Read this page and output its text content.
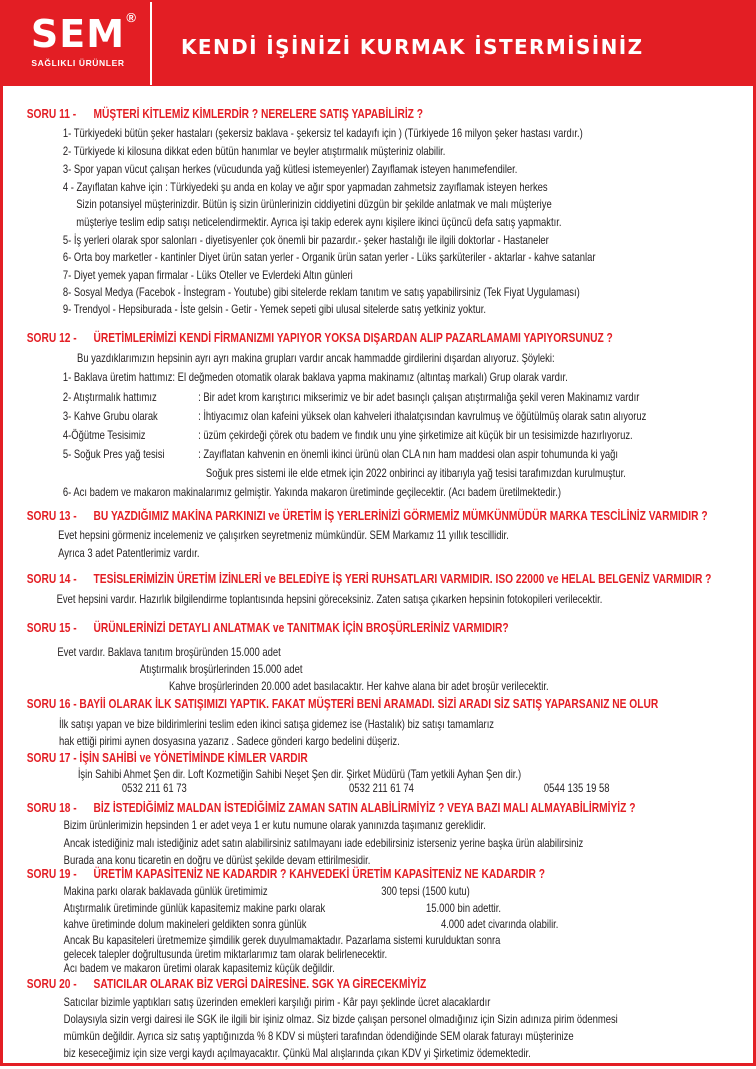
SEM ®
SAĞLIKLI ÜRÜNLER
KENDİ İŞİNİZİ KURMAK İSTERMİSİNİZ
SORU 11 - MÜŞTERİ KİTLEMİZ KİMLERDİR ? NERELERE SATIŞ YAPABİLİRİZ ?
1- Türkiyedeki bütün şeker hastaları (şekersiz baklava - şekersiz tel kadayıfı için ) (Türkiyede 16 milyon şeker hastası vardır.)
2- Türkiyede ki kilosuna dikkat eden bütün hanımlar ve beyler atıştırmalık müşteriniz olabilir.
3- Spor yapan vücut çalışan herkes (vücudunda yağ kütlesi istemeyenler) Zayıflamak isteyen hanımefendiler.
4 - Zayıflatan kahve için : Türkiyedeki şu anda en kolay ve ağır spor yapmadan zahmetsiz zayıflamak isteyen herkes
Sizin potansiyel müşterinizdir. Bütün iş sizin ürünlerinizin ciddiyetini düzgün bir şekilde anlatmak ve malı müşteriye
müşteriye teslim edip satışı neticelendirmektir. Ayrıca işi takip ederek aynı kişilere ikinci üçüncü defa satış yapmaktır.
5- İş yerleri olarak spor salonları - diyetisyenler çok önemli bir pazardır.- şeker hastalığı ile ilgili doktorlar - Hastaneler
6- Orta boy marketler - kantinler Diyet ürün satan yerler - Organik ürün satan yerler - Lüks şarküteriler - aktarlar - kahve satanlar
7- Diyet yemek yapan firmalar - Lüks Oteller ve Evlerdeki Altın günleri
8- Sosyal Medya (Facebok - İnstegram - Youtube) gibi sitelerde reklam tanıtım ve satış yapabilirsiniz (Tek Fiyat Uygulaması)
9- Trendyol - Hepsiburada - İste gelsin - Getir - Yemek sepeti gibi ulusal sitelerde satış yetkiniz yoktur.
SORU 12 - ÜRETİMLERİMİZİ KENDİ FİRMANIZMI YAPIYOR YOKSA DIŞARDAN ALIP PAZARLAMAMI YAPIYORSUNUZ ?
Bu yazdıklarımızın hepsinin ayrı ayrı makina grupları vardır ancak hammadde girdilerini dışardan alıyoruz. Şöyleki:
1- Baklava üretim hattımız: El değmeden otomatik olarak baklava yapma makinamız (altıntaş markalı) Grup olarak vardır.
2- Atıştırmalık hattımız	: Bir adet krom karıştırıcı mikserimiz ve bir adet basınçlı çalışan atıştırmalığa şekil veren Makinamız vardır
3- Kahve Grubu olarak	: İhtiyacımız olan kafeini yüksek olan kahveleri ithalatçısından kavrulmuş ve öğütülmüş olarak satın alıyoruz
4-Öğütme Tesisimiz	: üzüm çekirdeği çörek otu badem ve fındık unu yine şirketimize ait küçük bir un tesisimizde hazırlıyoruz.
5- Soğuk Pres yağ tesisi	: Zayıflatan kahvenin en önemli ikinci ürünü olan CLA nın ham maddesi olan aspir tohumunda ki yağı
Soğuk pres sistemi ile elde etmek için 2022 onbirinci ay itibarıyla yağ tesisi tarafımızdan kurulmuştur.
6- Acı badem ve makaron makinalarımız gelmiştir. Yakında makaron üretiminde geçilecektir. (Acı badem üretilmektedir.)
SORU 13 - BU YAZDIĞIMIZ MAKİNA PARKINIZI ve ÜRETİM İŞ YERLERİNİZİ GÖRMEMİZ MÜMKÜNMÜDÜR MARKA TESCİLİNİZ VARMIDIR ?
Evet hepsini görmeniz incelemeniz ve çalışırken seyretmeniz mümkündür. SEM Markamız 11 yıllık tescillidir.
Ayrıca 3 adet Patentlerimiz vardır.
SORU 14 - TESİSLERİMİZİN ÜRETİM İZİNLERİ ve BELEDİYE İŞ YERİ RUHSATLARI VARMIDIR. ISO 22000 ve HELAL BELGENİZ VARMIDIR ?
Evet hepsini vardır. Hazırlık bilgilendirme toplantısında hepsini göreceksiniz. Zaten satışa çıkarken hepsinin fotokopileri verilecektir.
SORU 15 - ÜRÜNLERİNİZİ DETAYLI ANLATMAK ve TANITMAK İÇİN BROŞÜRLERİNİZ VARMIDIR?
Evet vardır. Baklava tanıtım broşüründen 15.000 adet
Atıştırmalık broşürlerinden 15.000 adet
Kahve broşürlerinden 20.000 adet basılacaktır. Her kahve alana bir adet broşür verilecektir.
SORU 16 - BAYİİ OLARAK İLK SATIŞIMIZI YAPTIK. FAKAT MÜŞTERİ BENİ ARAMADI. SİZİ ARADI SİZ SATIŞ YAPARSANIZ NE OLUR
İlk satışı yapan ve bize bildirimlerini teslim eden ikinci satışa gidemez ise (Hastalık) biz satışı tamamlarız
hak ettiği pirimi aynen dosyasına yazarız . Sadece gönderi kargo bedelini düşeriz.
SORU 17 - İŞİN SAHİBİ ve YÖNETİMİNDE KİMLER VARDIR
İşin Sahibi Ahmet Şen dir. Loft Kozmetiğin Sahibi Neşet Şen dir. Şirket Müdürü (Tam yetkili Ayhan Şen dir.)
0532 211 61 73	0532 211 61 74	0544 135 19 58
SORU 18 - BİZ İSTEDİĞİMİZ MALDAN İSTEDİĞİMİZ ZAMAN SATIN ALABİLİRMİYİZ ? VEYA BAZI MALI ALMAYABİLİRMİYİZ ?
Bizim ürünlerimizin hepsinden 1 er adet veya 1 er kutu numune olarak yanınızda taşımanız gereklidir.
Ancak istediğiniz malı istediğiniz adet satın alabilirsiniz satılmayanı iade edebilirsiniz isterseniz yerine başka ürün alabilirsiniz
Burada ana konu ticaretin en doğru ve dürüst şekilde devam ettirilmesidir.
SORU 19 - ÜRETİM KAPASİTENİZ NE KADARDIR ? KAHVEDEKİ ÜRETİM KAPASİTENİZ NE KADARDIR ?
Makina parkı olarak baklavada günlük üretimimiz	300 tepsi (1500 kutu)
Atıştırmalık üretiminde günlük kapasitemiz makine parkı olarak	15.000 bin adettir.
kahve üretiminde dolum makineleri geldikten sonra günlük	4.000 adet civarında olabilir.
Ancak Bu kapasiteleri üretmemize şimdilik gerek duyulmamaktadır. Pazarlama sistemi kurulduktan sonra
gelecek talepler doğrultusunda üretim miktarlarımız tam olarak belirlenecektir.
Acı badem ve makaron üretimi olarak kapasitemiz küçük değildir.
SORU 20 - SATICILAR OLARAK BİZ VERGİ DAİRESİNE. SGK YA GİRECEKMİYİZ
Satıcılar bizimle yaptıkları satış üzerinden emekleri karşılığı pirim - Kâr payı şeklinde ücret alacaklardır
Dolaysıyla sizin vergi dairesi ile SGK ile ilgili bir işiniz olmaz. Siz bizde çalışan personel olmadığınız için Sizin adınıza pirim ödenmesi
mümkün değildir. Ayrıca siz satış yaptığınızda % 8 KDV si müşteri tarafından ödendiğinde SEM olarak faturayı müşterinize
biz keseceğimiz için size vergi kaydı açılmayacaktır. Çünkü Mal alışlarında çıkan KDV yi Şirketimiz ödemektedir.
